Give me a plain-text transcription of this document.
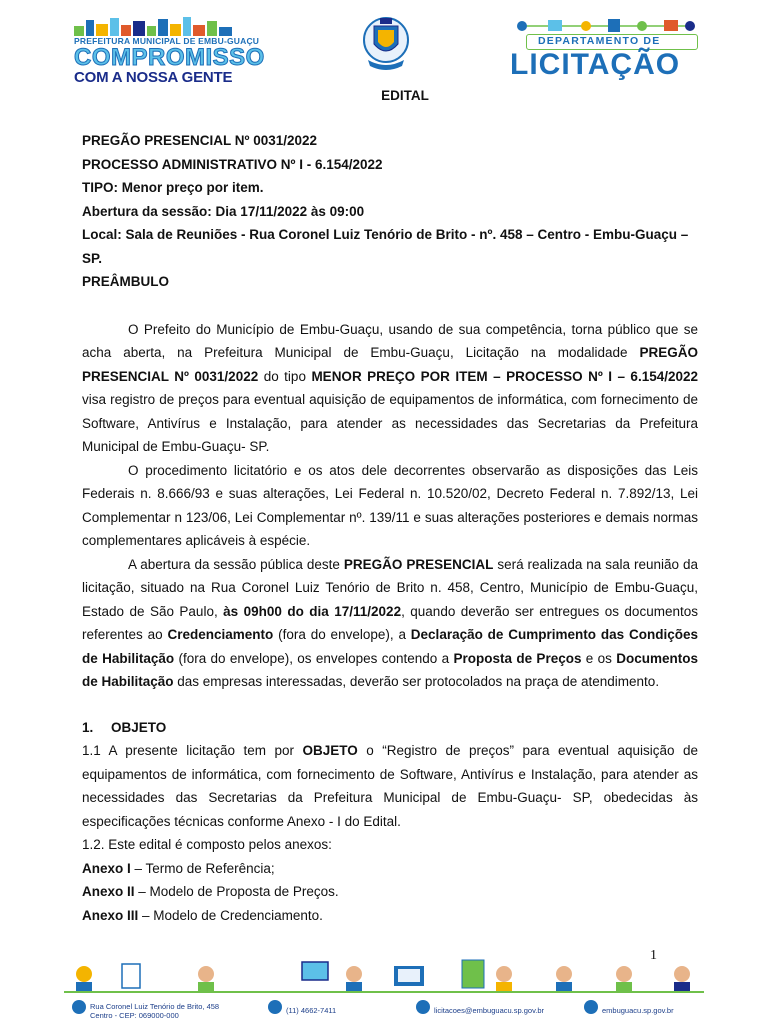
PREFEITURA MUNICIPAL DE EMBU-GUAÇU
COMPROMISSO
COM A NOSSA GENTE
DEPARTAMENTO DE
LICITAÇÃO
EDITAL

PREGÃO PRESENCIAL Nº 0031/2022

PROCESSO ADMINISTRATIVO Nº I - 6.154/2022

TIPO: Menor preço por item.

Abertura da sessão: Dia 17/11/2022 às 09:00

Local: Sala de Reuniões - Rua Coronel Luiz Tenório de Brito - nº. 458 – Centro - Embu-Guaçu – SP.

PREÂMBULO

O Prefeito do Município de Embu-Guaçu, usando de sua competência, torna público que se acha aberta, na Prefeitura Municipal de Embu-Guaçu, Licitação na modalidade PREGÃO PRESENCIAL Nº 0031/2022 do tipo MENOR PREÇO POR ITEM – PROCESSO Nº I – 6.154/2022 visa registro de preços para eventual aquisição de equipamentos de informática, com fornecimento de Software, Antivírus e Instalação, para atender as necessidades das Secretarias da Prefeitura Municipal de Embu-Guaçu- SP.

O procedimento licitatório e os atos dele decorrentes observarão as disposições das Leis Federais n. 8.666/93 e suas alterações, Lei Federal n. 10.520/02, Decreto Federal n. 7.892/13, Lei Complementar n 123/06, Lei Complementar nº. 139/11 e suas alterações posteriores e demais normas complementares aplicáveis à espécie.

A abertura da sessão pública deste PREGÃO PRESENCIAL será realizada na sala reunião da licitação, situado na Rua Coronel Luiz Tenório de Brito n. 458, Centro, Município de Embu-Guaçu, Estado de São Paulo, às 09h00 do dia 17/11/2022, quando deverão ser entregues os documentos referentes ao Credenciamento (fora do envelope), a Declaração de Cumprimento das Condições de Habilitação (fora do envelope), os envelopes contendo a Proposta de Preços e os Documentos de Habilitação das empresas interessadas, deverão ser protocolados na praça de atendimento.

1. OBJETO

1.1 A presente licitação tem por OBJETO o “Registro de preços” para eventual aquisição de equipamentos de informática, com fornecimento de Software, Antivírus e Instalação, para atender as necessidades das Secretarias da Prefeitura Municipal de Embu-Guaçu- SP, obedecidas às especificações técnicas conforme Anexo - I do Edital.

1.2. Este edital é composto pelos anexos:

Anexo I – Termo de Referência;

Anexo II – Modelo de Proposta de Preços.

Anexo III – Modelo de Credenciamento.

1
Rua Coronel Luiz Tenório de Brito, 458
Centro - CEP: 069000-000
(11) 4662-7411	licitacoes@embuguacu.sp.gov.br	embuguacu.sp.gov.br
